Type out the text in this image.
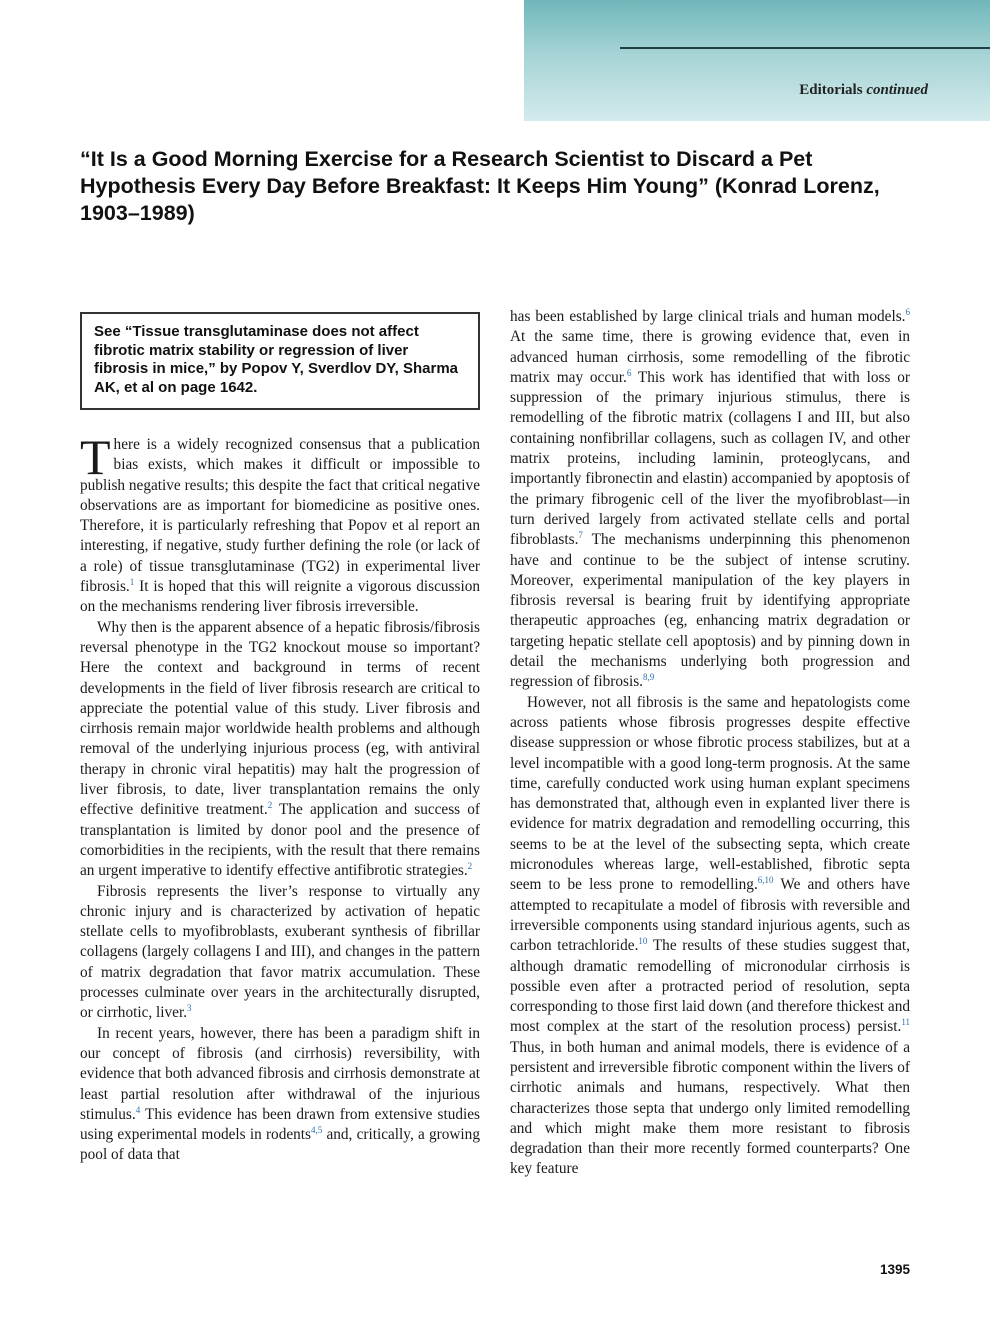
Editorials continued
“It Is a Good Morning Exercise for a Research Scientist to Discard a Pet Hypothesis Every Day Before Breakfast: It Keeps Him Young” (Konrad Lorenz, 1903–1989)
See “Tissue transglutaminase does not affect fibrotic matrix stability or regression of liver fibrosis in mice,” by Popov Y, Sverdlov DY, Sharma AK, et al on page 1642.

There is a widely recognized consensus that a publication bias exists, which makes it difficult or impossible to publish negative results; this despite the fact that critical negative observations are as important for biomedicine as positive ones. Therefore, it is particularly refreshing that Popov et al report an interesting, if negative, study further defining the role (or lack of a role) of tissue transglutaminase (TG2) in experimental liver fibrosis.$^1$ It is hoped that this will reignite a vigorous discussion on the mechanisms rendering liver fibrosis irreversible.

Why then is the apparent absence of a hepatic fibrosis/fibrosis reversal phenotype in the TG2 knockout mouse so important? Here the context and background in terms of recent developments in the field of liver fibrosis research are critical to appreciate the potential value of this study. Liver fibrosis and cirrhosis remain major worldwide health problems and although removal of the underlying injurious process (eg, with antiviral therapy in chronic viral hepatitis) may halt the progression of liver fibrosis, to date, liver transplantation remains the only effective definitive treatment.$^2$ The application and success of transplantation is limited by donor pool and the presence of comorbidities in the recipients, with the result that there remains an urgent imperative to identify effective antifibrotic strategies.$^2$

Fibrosis represents the liver’s response to virtually any chronic injury and is characterized by activation of hepatic stellate cells to myofibroblasts, exuberant synthesis of fibrillar collagens (largely collagens I and III), and changes in the pattern of matrix degradation that favor matrix accumulation. These processes culminate over years in the architecturally disrupted, or cirrhotic, liver.$^3$

In recent years, however, there has been a paradigm shift in our concept of fibrosis (and cirrhosis) reversibility, with evidence that both advanced fibrosis and cirrhosis demonstrate at least partial resolution after withdrawal of the injurious stimulus.$^4$ This evidence has been drawn from extensive studies using experimental models in rodents$^{4,5}$ and, critically, a growing pool of data that

has been established by large clinical trials and human models.$^6$ At the same time, there is growing evidence that, even in advanced human cirrhosis, some remodelling of the fibrotic matrix may occur.$^6$ This work has identified that with loss or suppression of the primary injurious stimulus, there is remodelling of the fibrotic matrix (collagens I and III, but also containing nonfibrillar collagens, such as collagen IV, and other matrix proteins, including laminin, proteoglycans, and importantly fibronectin and elastin) accompanied by apoptosis of the primary fibrogenic cell of the liver the myofibroblast—in turn derived largely from activated stellate cells and portal fibroblasts.$^7$ The mechanisms underpinning this phenomenon have and continue to be the subject of intense scrutiny. Moreover, experimental manipulation of the key players in fibrosis reversal is bearing fruit by identifying appropriate therapeutic approaches (eg, enhancing matrix degradation or targeting hepatic stellate cell apoptosis) and by pinning down in detail the mechanisms underlying both progression and regression of fibrosis.$^{8,9}$

However, not all fibrosis is the same and hepatologists come across patients whose fibrosis progresses despite effective disease suppression or whose fibrotic process stabilizes, but at a level incompatible with a good long-term prognosis. At the same time, carefully conducted work using human explant specimens has demonstrated that, although even in explanted liver there is evidence for matrix degradation and remodelling occurring, this seems to be at the level of the subsecting septa, which create micronodules whereas large, well-established, fibrotic septa seem to be less prone to remodelling.$^{6,10}$ We and others have attempted to recapitulate a model of fibrosis with reversible and irreversible components using standard injurious agents, such as carbon tetrachloride.$^{10}$ The results of these studies suggest that, although dramatic remodelling of micronodular cirrhosis is possible even after a protracted period of resolution, septa corresponding to those first laid down (and therefore thickest and most complex at the start of the resolution process) persist.$^{11}$ Thus, in both human and animal models, there is evidence of a persistent and irreversible fibrotic component within the livers of cirrhotic animals and humans, respectively. What then characterizes those septa that undergo only limited remodelling and which might make them more resistant to fibrosis degradation than their more recently formed counterparts? One key feature

1395
